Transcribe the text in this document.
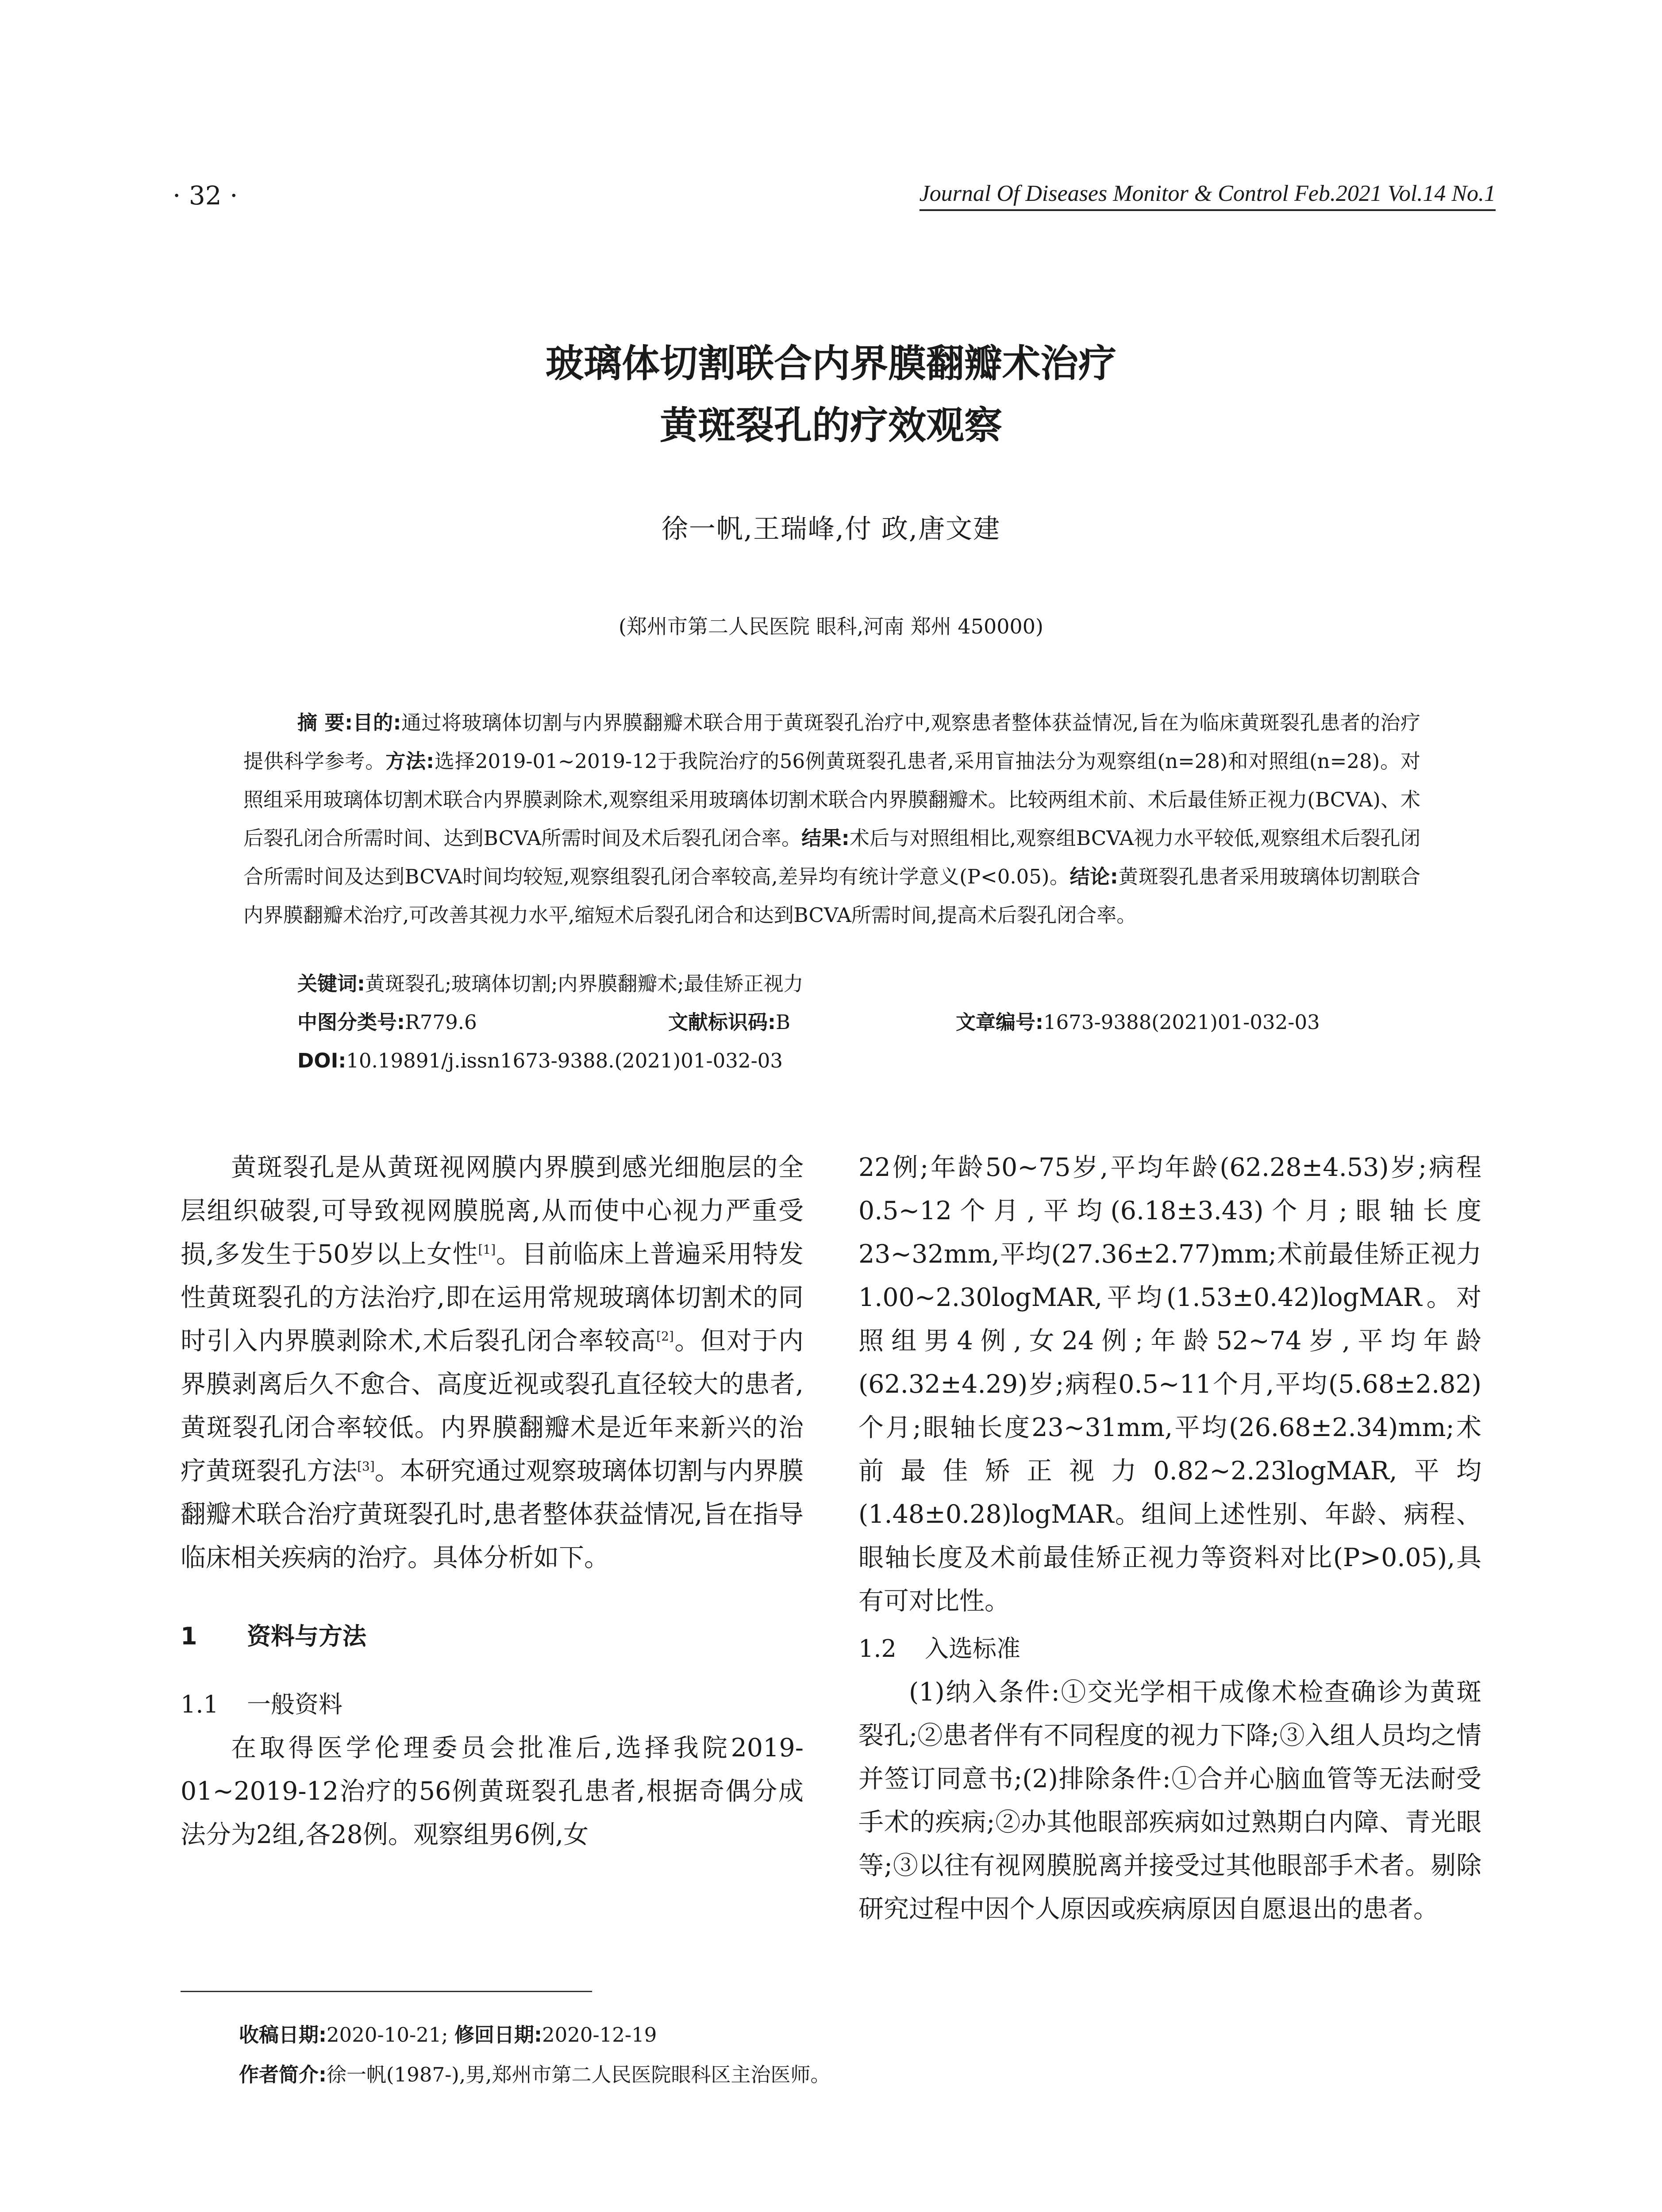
· 32 ·	Journal Of Diseases Monitor & Control Feb.2021 Vol.14 No.1
玻璃体切割联合内界膜翻瓣术治疗
黄斑裂孔的疗效观察
徐一帆,王瑞峰,付 政,唐文建
(郑州市第二人民医院 眼科,河南 郑州 450000)
摘 要:目的:通过将玻璃体切割与内界膜翻瓣术联合用于黄斑裂孔治疗中,观察患者整体获益情况,旨在为临床黄斑裂孔患者的治疗提供科学参考。方法:选择2019-01~2019-12于我院治疗的56例黄斑裂孔患者,采用盲抽法分为观察组(n=28)和对照组(n=28)。对照组采用玻璃体切割术联合内界膜剥除术,观察组采用玻璃体切割术联合内界膜翻瓣术。比较两组术前、术后最佳矫正视力(BCVA)、术后裂孔闭合所需时间、达到BCVA所需时间及术后裂孔闭合率。结果:术后与对照组相比,观察组BCVA视力水平较低,观察组术后裂孔闭合所需时间及达到BCVA时间均较短,观察组裂孔闭合率较高,差异均有统计学意义(P<0.05)。结论:黄斑裂孔患者采用玻璃体切割联合内界膜翻瓣术治疗,可改善其视力水平,缩短术后裂孔闭合和达到BCVA所需时间,提高术后裂孔闭合率。
关键词:黄斑裂孔;玻璃体切割;内界膜翻瓣术;最佳矫正视力
中图分类号:R779.6	文献标识码:B	文章编号:1673-9388(2021)01-032-03
DOI:10.19891/j.issn1673-9388.(2021)01-032-03

黄斑裂孔是从黄斑视网膜内界膜到感光细胞层的全层组织破裂,可导致视网膜脱离,从而使中心视力严重受损,多发生于50岁以上女性[1]。目前临床上普遍采用特发性黄斑裂孔的方法治疗,即在运用常规玻璃体切割术的同时引入内界膜剥除术,术后裂孔闭合率较高[2]。但对于内界膜剥离后久不愈合、高度近视或裂孔直径较大的患者,黄斑裂孔闭合率较低。内界膜翻瓣术是近年来新兴的治疗黄斑裂孔方法[3]。本研究通过观察玻璃体切割与内界膜翻瓣术联合治疗黄斑裂孔时,患者整体获益情况,旨在指导临床相关疾病的治疗。具体分析如下。

1 资料与方法

1.1 一般资料

在取得医学伦理委员会批准后,选择我院2019-01~2019-12治疗的56例黄斑裂孔患者,根据奇偶分成法分为2组,各28例。观察组男6例,女

22例;年龄50~75岁,平均年龄(62.28±4.53)岁;病程0.5~12个月,平均(6.18±3.43)个月;眼轴长度23~32mm,平均(27.36±2.77)mm;术前最佳矫正视力1.00~2.30logMAR,平均(1.53±0.42)logMAR。对照组男4例,女24例;年龄52~74岁,平均年龄(62.32±4.29)岁;病程0.5~11个月,平均(5.68±2.82)个月;眼轴长度23~31mm,平均(26.68±2.34)mm;术前最佳矫正视力0.82~2.23logMAR,平均(1.48±0.28)logMAR。组间上述性别、年龄、病程、眼轴长度及术前最佳矫正视力等资料对比(P>0.05),具有可对比性。

1.2 入选标准

(1)纳入条件:①交光学相干成像术检查确诊为黄斑裂孔;②患者伴有不同程度的视力下降;③入组人员均之情并签订同意书;(2)排除条件:①合并心脑血管等无法耐受手术的疾病;②办其他眼部疾病如过熟期白内障、青光眼等;③以往有视网膜脱离并接受过其他眼部手术者。剔除研究过程中因个人原因或疾病原因自愿退出的患者。

收稿日期:2020-10-21; 修回日期:2020-12-19
作者简介:徐一帆(1987-),男,郑州市第二人民医院眼科区主治医师。
